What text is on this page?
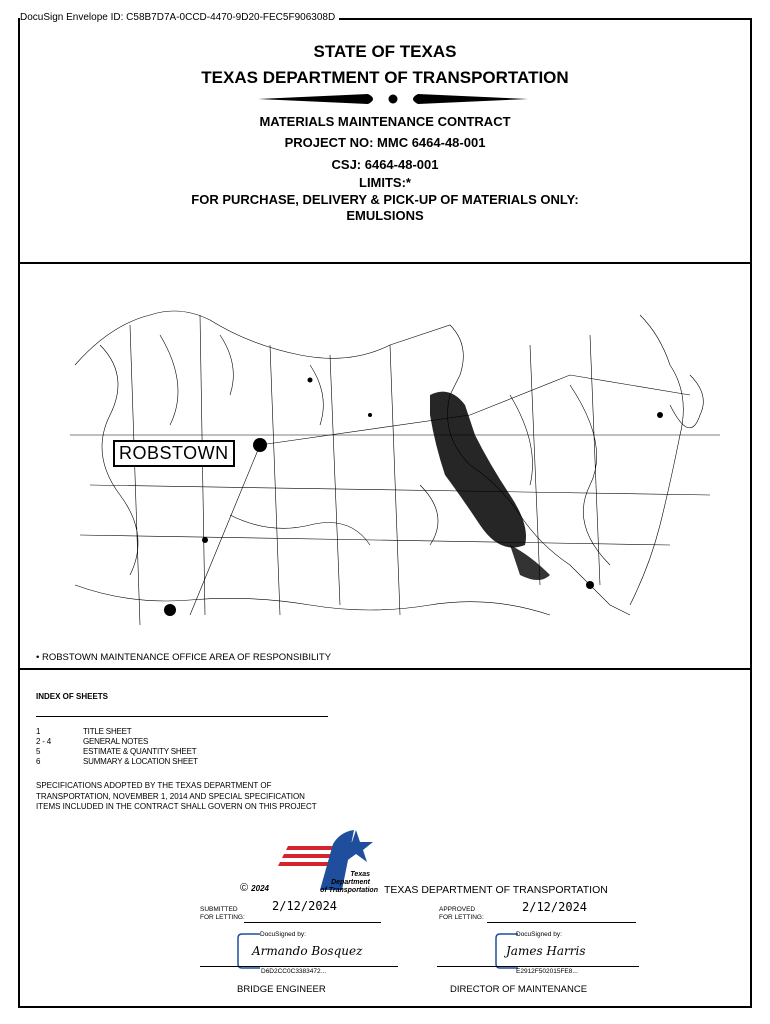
DocuSign Envelope ID: C58B7D7A-0CCD-4470-9D20-FEC5F906308D
STATE OF TEXAS
TEXAS DEPARTMENT OF TRANSPORTATION
MATERIALS MAINTENANCE CONTRACT
PROJECT NO: MMC 6464-48-001
CSJ: 6464-48-001
LIMITS:*
FOR PURCHASE, DELIVERY & PICK-UP OF MATERIALS ONLY:
EMULSIONS
ROBSTOWN
• ROBSTOWN MAINTENANCE OFFICE AREA OF RESPONSIBILITY
INDEX OF SHEETS
1	TITLE SHEET
2 - 4	GENERAL NOTES
5	ESTIMATE & QUANTITY SHEET
6	SUMMARY & LOCATION SHEET
SPECIFICATIONS ADOPTED BY THE TEXAS DEPARTMENT OF TRANSPORTATION, NOVEMBER 1, 2014 AND SPECIAL SPECIFICATION ITEMS INCLUDED IN THE CONTRACT SHALL GOVERN ON THIS PROJECT
Texas
Department
of Transportation
© 2024	TEXAS DEPARTMENT OF TRANSPORTATION
SUBMITTED
FOR LETTING:
2/12/2024	APPROVED
FOR LETTING:
2/12/2024
DocuSigned by:
Armando Bosquez
D6D2CC0C3383472...
BRIDGE ENGINEER
DocuSigned by:
James Harris
E2912F502015FE8...
DIRECTOR OF MAINTENANCE
